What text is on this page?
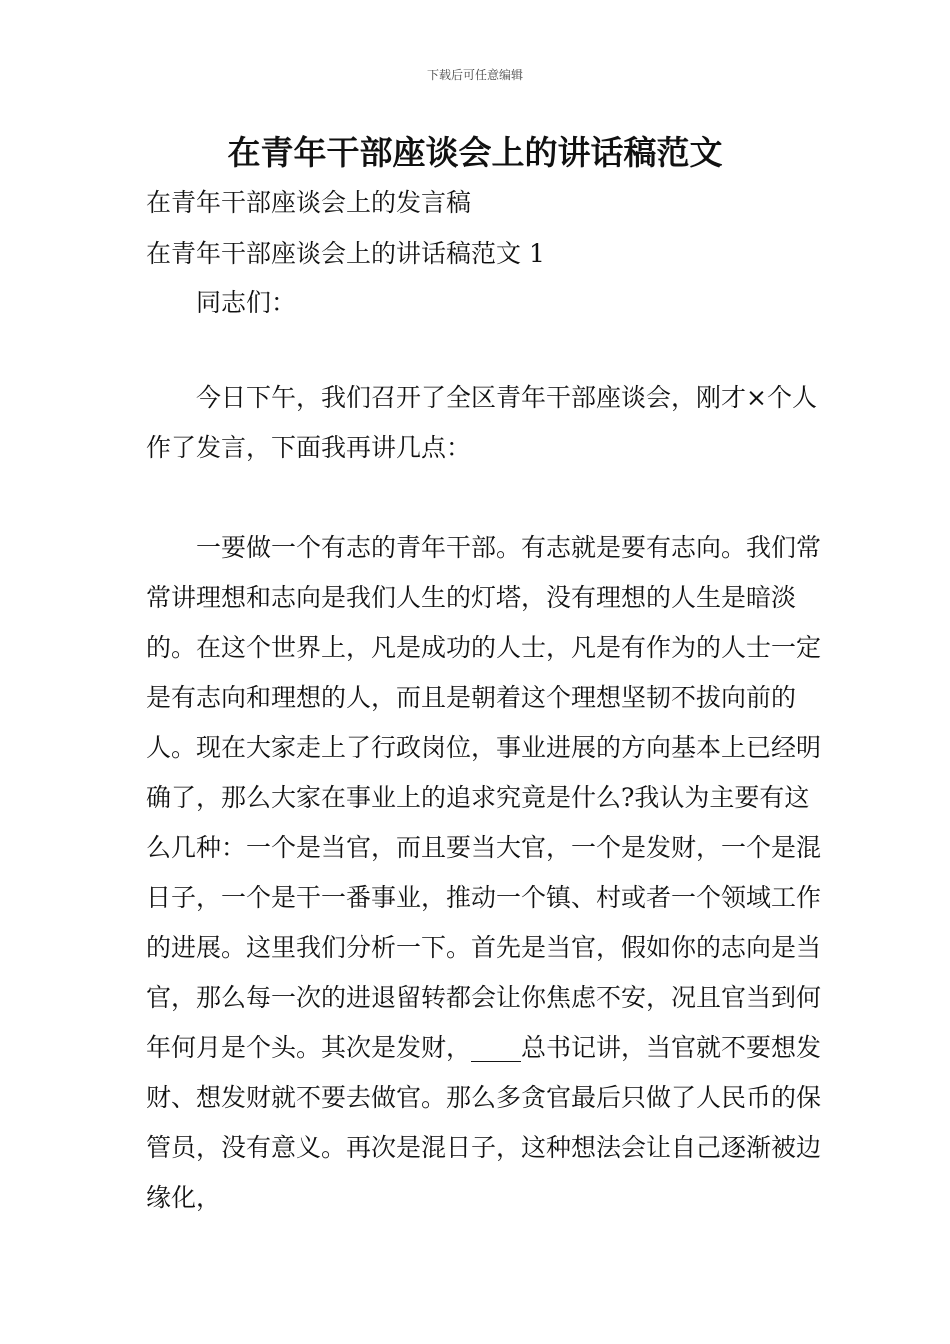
下载后可任意编辑
在青年干部座谈会上的讲话稿范文
在青年干部座谈会上的发言稿
在青年干部座谈会上的讲话稿范文 1
同志们：

今日下午，我们召开了全区青年干部座谈会，刚才×个人作了发言，下面我再讲几点：

一要做一个有志的青年干部。有志就是要有志向。我们常常讲理想和志向是我们人生的灯塔，没有理想的人生是暗淡的。在这个世界上，凡是成功的人士，凡是有作为的人士一定是有志向和理想的人，而且是朝着这个理想坚韧不拔向前的人。现在大家走上了行政岗位，事业进展的方向基本上已经明确了，那么大家在事业上的追求究竟是什么?我认为主要有这么几种：一个是当官，而且要当大官，一个是发财，一个是混日子，一个是干一番事业，推动一个镇、村或者一个领域工作的进展。这里我们分析一下。首先是当官，假如你的志向是当官，那么每一次的进退留转都会让你焦虑不安，况且官当到何年何月是个头。其次是发财，____总书记讲，当官就不要想发财、想发财就不要去做官。那么多贪官最后只做了人民币的保管员，没有意义。再次是混日子，这种想法会让自己逐渐被边缘化，
